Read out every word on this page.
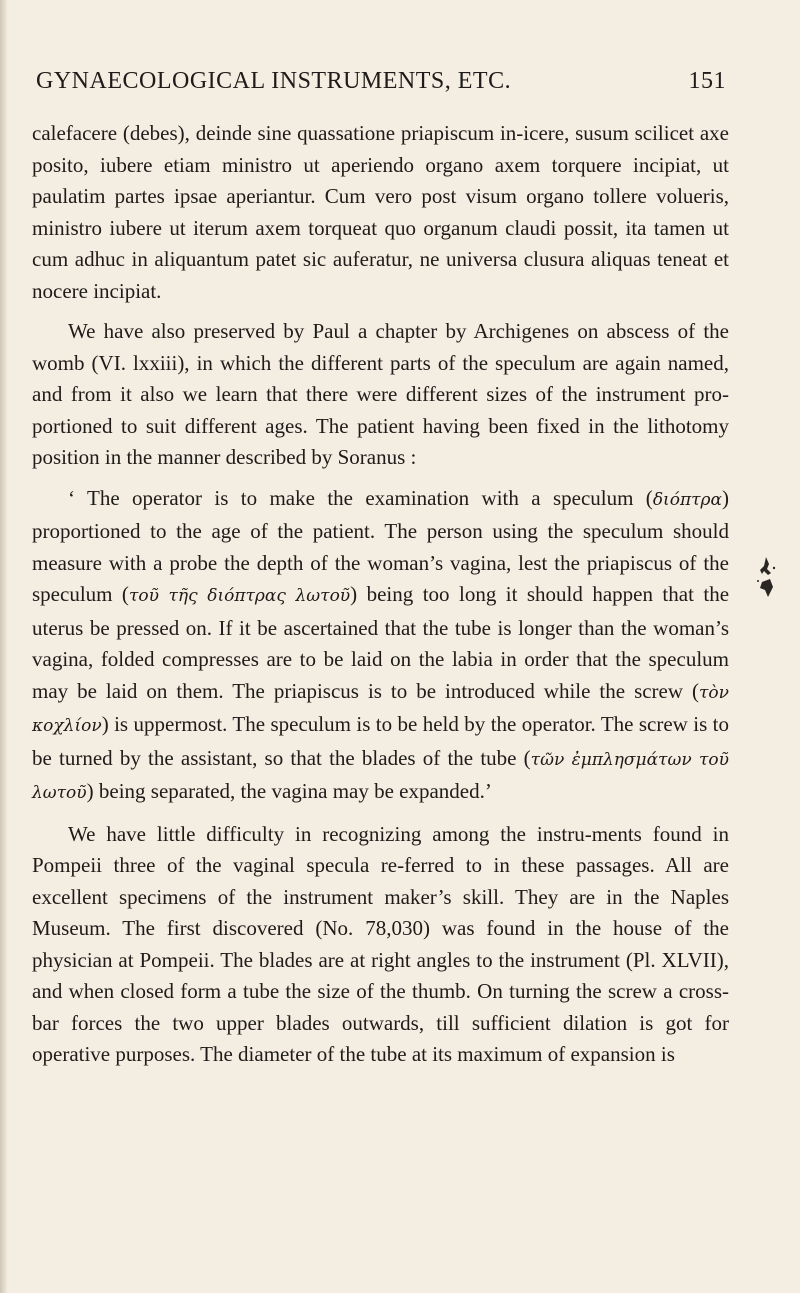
GYNAECOLOGICAL INSTRUMENTS, ETC.	151

calefacere (debes), deinde sine quassatione priapiscum in-icere, susum scilicet axe posito, iubere etiam ministro ut aperiendo organo axem torquere incipiat, ut paulatim partes ipsae aperiantur. Cum vero post visum organo tollere volueris, ministro iubere ut iterum axem torqueat quo organum claudi possit, ita tamen ut cum adhuc in aliquantum patet sic auferatur, ne universa clusura aliquas teneat et nocere incipiat.

We have also preserved by Paul a chapter by Archigenes on abscess of the womb (VI. lxxiii), in which the different parts of the speculum are again named, and from it also we learn that there were different sizes of the instrument pro-portioned to suit different ages. The patient having been fixed in the lithotomy position in the manner described by Soranus :

‘ The operator is to make the examination with a speculum (διόπτρα) proportioned to the age of the patient. The person using the speculum should measure with a probe the depth of the woman’s vagina, lest the priapiscus of the speculum (τοῦ τῆς διόπτρας λωτοῦ) being too long it should happen that the uterus be pressed on. If it be ascertained that the tube is longer than the woman’s vagina, folded compresses are to be laid on the labia in order that the speculum may be laid on them. The priapiscus is to be introduced while the screw (τὸν κοχλίον) is uppermost. The speculum is to be held by the operator. The screw is to be turned by the assistant, so that the blades of the tube (τῶν ἐμπλησμάτων τοῦ λωτοῦ) being separated, the vagina may be expanded.’

We have little difficulty in recognizing among the instru-ments found in Pompeii three of the vaginal specula re-ferred to in these passages. All are excellent specimens of the instrument maker’s skill. They are in the Naples Museum. The first discovered (No. 78,030) was found in the house of the physician at Pompeii. The blades are at right angles to the instrument (Pl. XLVII), and when closed form a tube the size of the thumb. On turning the screw a cross-bar forces the two upper blades outwards, till sufficient dilation is got for operative purposes. The diameter of the tube at its maximum of expansion is
